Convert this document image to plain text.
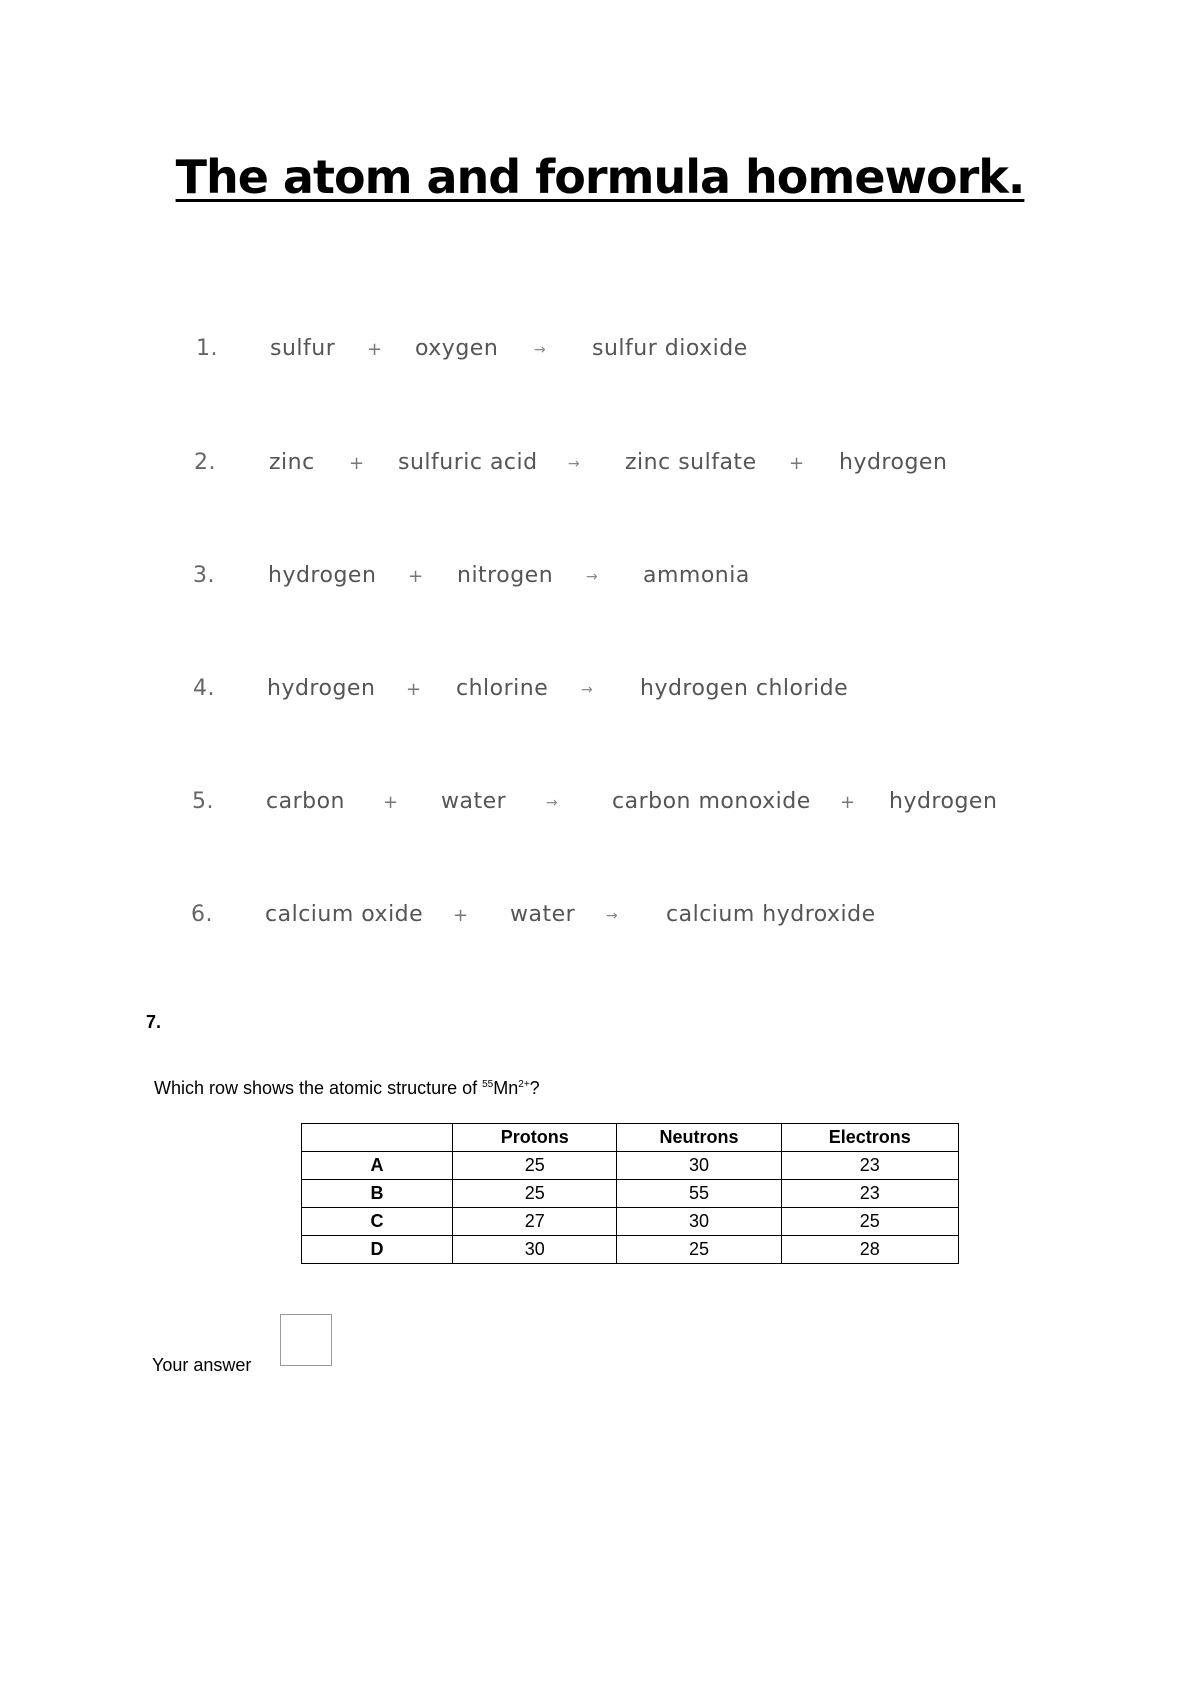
The atom and formula homework.
1. sulfur + oxygen	→ sulfur dioxide
2. zinc + sulfuric acid → zinc sulfate + hydrogen
3. hydrogen + nitrogen → ammonia
4. hydrogen + chlorine → hydrogen chloride
5. carbon + water	→ carbon monoxide + hydrogen
6. calcium oxide + water → calcium hydroxide
7.
Which row shows the atomic structure of $^{55}Mn^{2+}$?
	Protons	Neutrons	Electrons
A	25	30	23
B	25	55	23
C	27	30	25
D	30	25	28
Your answer
